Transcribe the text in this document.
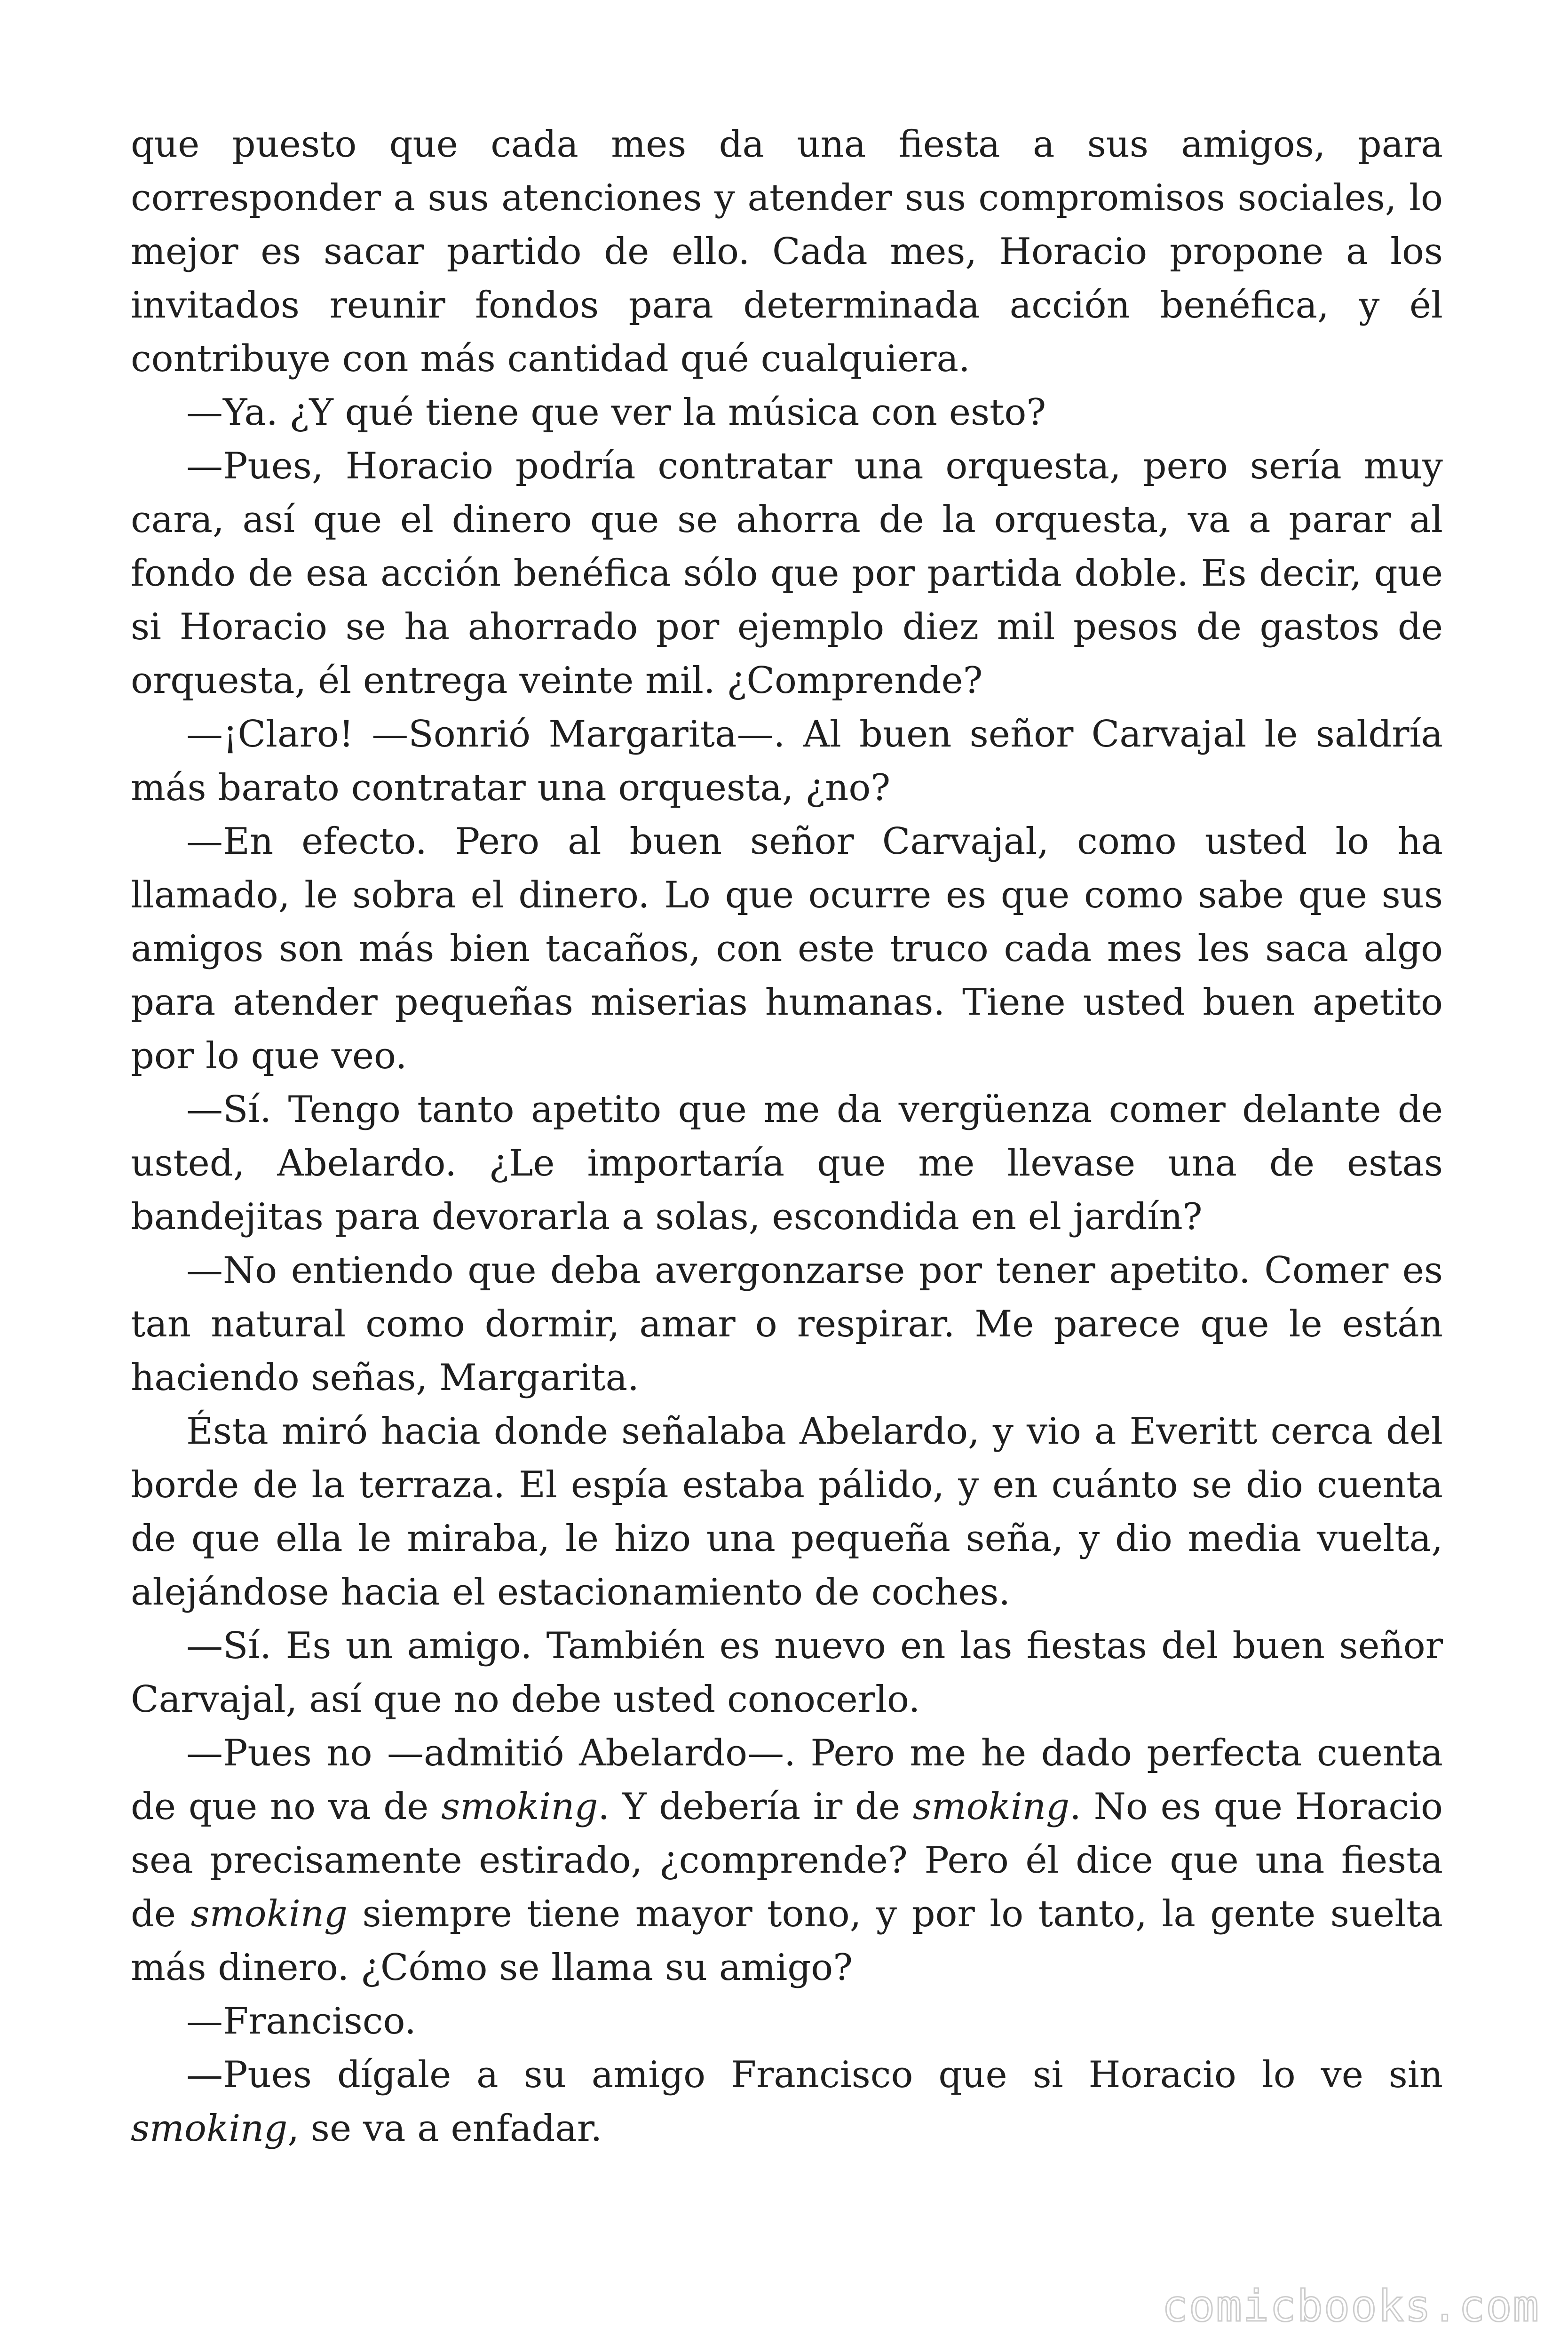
que puesto que cada mes da una fiesta a sus amigos, para corresponder a sus atenciones y atender sus compromisos sociales, lo mejor es sacar partido de ello. Cada mes, Horacio propone a los invitados reunir fondos para determinada acción benéfica, y él contribuye con más cantidad qué cualquiera.

—Ya. ¿Y qué tiene que ver la música con esto?

—Pues, Horacio podría contratar una orquesta, pero sería muy cara, así que el dinero que se ahorra de la orquesta, va a parar al fondo de esa acción benéfica sólo que por partida doble. Es decir, que si Horacio se ha ahorrado por ejemplo diez mil pesos de gastos de orquesta, él entrega veinte mil. ¿Comprende?

—¡Claro! —Sonrió Margarita—. Al buen señor Carvajal le saldría más barato contratar una orquesta, ¿no?

—En efecto. Pero al buen señor Carvajal, como usted lo ha llamado, le sobra el dinero. Lo que ocurre es que como sabe que sus amigos son más bien tacaños, con este truco cada mes les saca algo para atender pequeñas miserias humanas. Tiene usted buen apetito por lo que veo.

—Sí. Tengo tanto apetito que me da vergüenza comer delante de usted, Abelardo. ¿Le importaría que me llevase una de estas bandejitas para devorarla a solas, escondida en el jardín?

—No entiendo que deba avergonzarse por tener apetito. Comer es tan natural como dormir, amar o respirar. Me parece que le están haciendo señas, Margarita.

Ésta miró hacia donde señalaba Abelardo, y vio a Everitt cerca del borde de la terraza. El espía estaba pálido, y en cuánto se dio cuenta de que ella le miraba, le hizo una pequeña seña, y dio media vuelta, alejándose hacia el estacionamiento de coches.

—Sí. Es un amigo. También es nuevo en las fiestas del buen señor Carvajal, así que no debe usted conocerlo.

—Pues no —admitió Abelardo—. Pero me he dado perfecta cuenta de que no va de smoking. Y debería ir de smoking. No es que Horacio sea precisamente estirado, ¿comprende? Pero él dice que una fiesta de smoking siempre tiene mayor tono, y por lo tanto, la gente suelta más dinero. ¿Cómo se llama su amigo?

—Francisco.

—Pues dígale a su amigo Francisco que si Horacio lo ve sin smoking, se va a enfadar.

comicbooks.com
